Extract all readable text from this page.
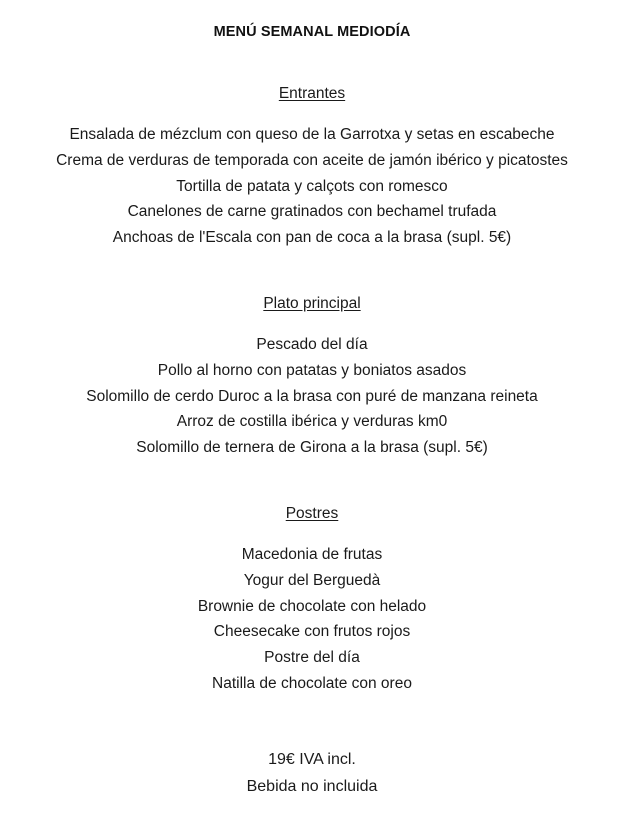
MENÚ SEMANAL MEDIODÍA
Entrantes
Ensalada de mézclum con queso de la Garrotxa y setas en escabeche
Crema de verduras de temporada con aceite de jamón ibérico y picatostes
Tortilla de patata y calçots con romesco
Canelones de carne gratinados con bechamel trufada
Anchoas de l'Escala con pan de coca a la brasa (supl. 5€)
Plato principal
Pescado del día
Pollo al horno con patatas y boniatos asados
Solomillo de cerdo Duroc a la brasa con puré de manzana reineta
Arroz de costilla ibérica y verduras km0
Solomillo de ternera de Girona a la brasa (supl. 5€)
Postres
Macedonia de frutas
Yogur del Berguedà
Brownie de chocolate con helado
Cheesecake con frutos rojos
Postre del día
Natilla de chocolate con oreo
19€ IVA incl.
Bebida no incluida
